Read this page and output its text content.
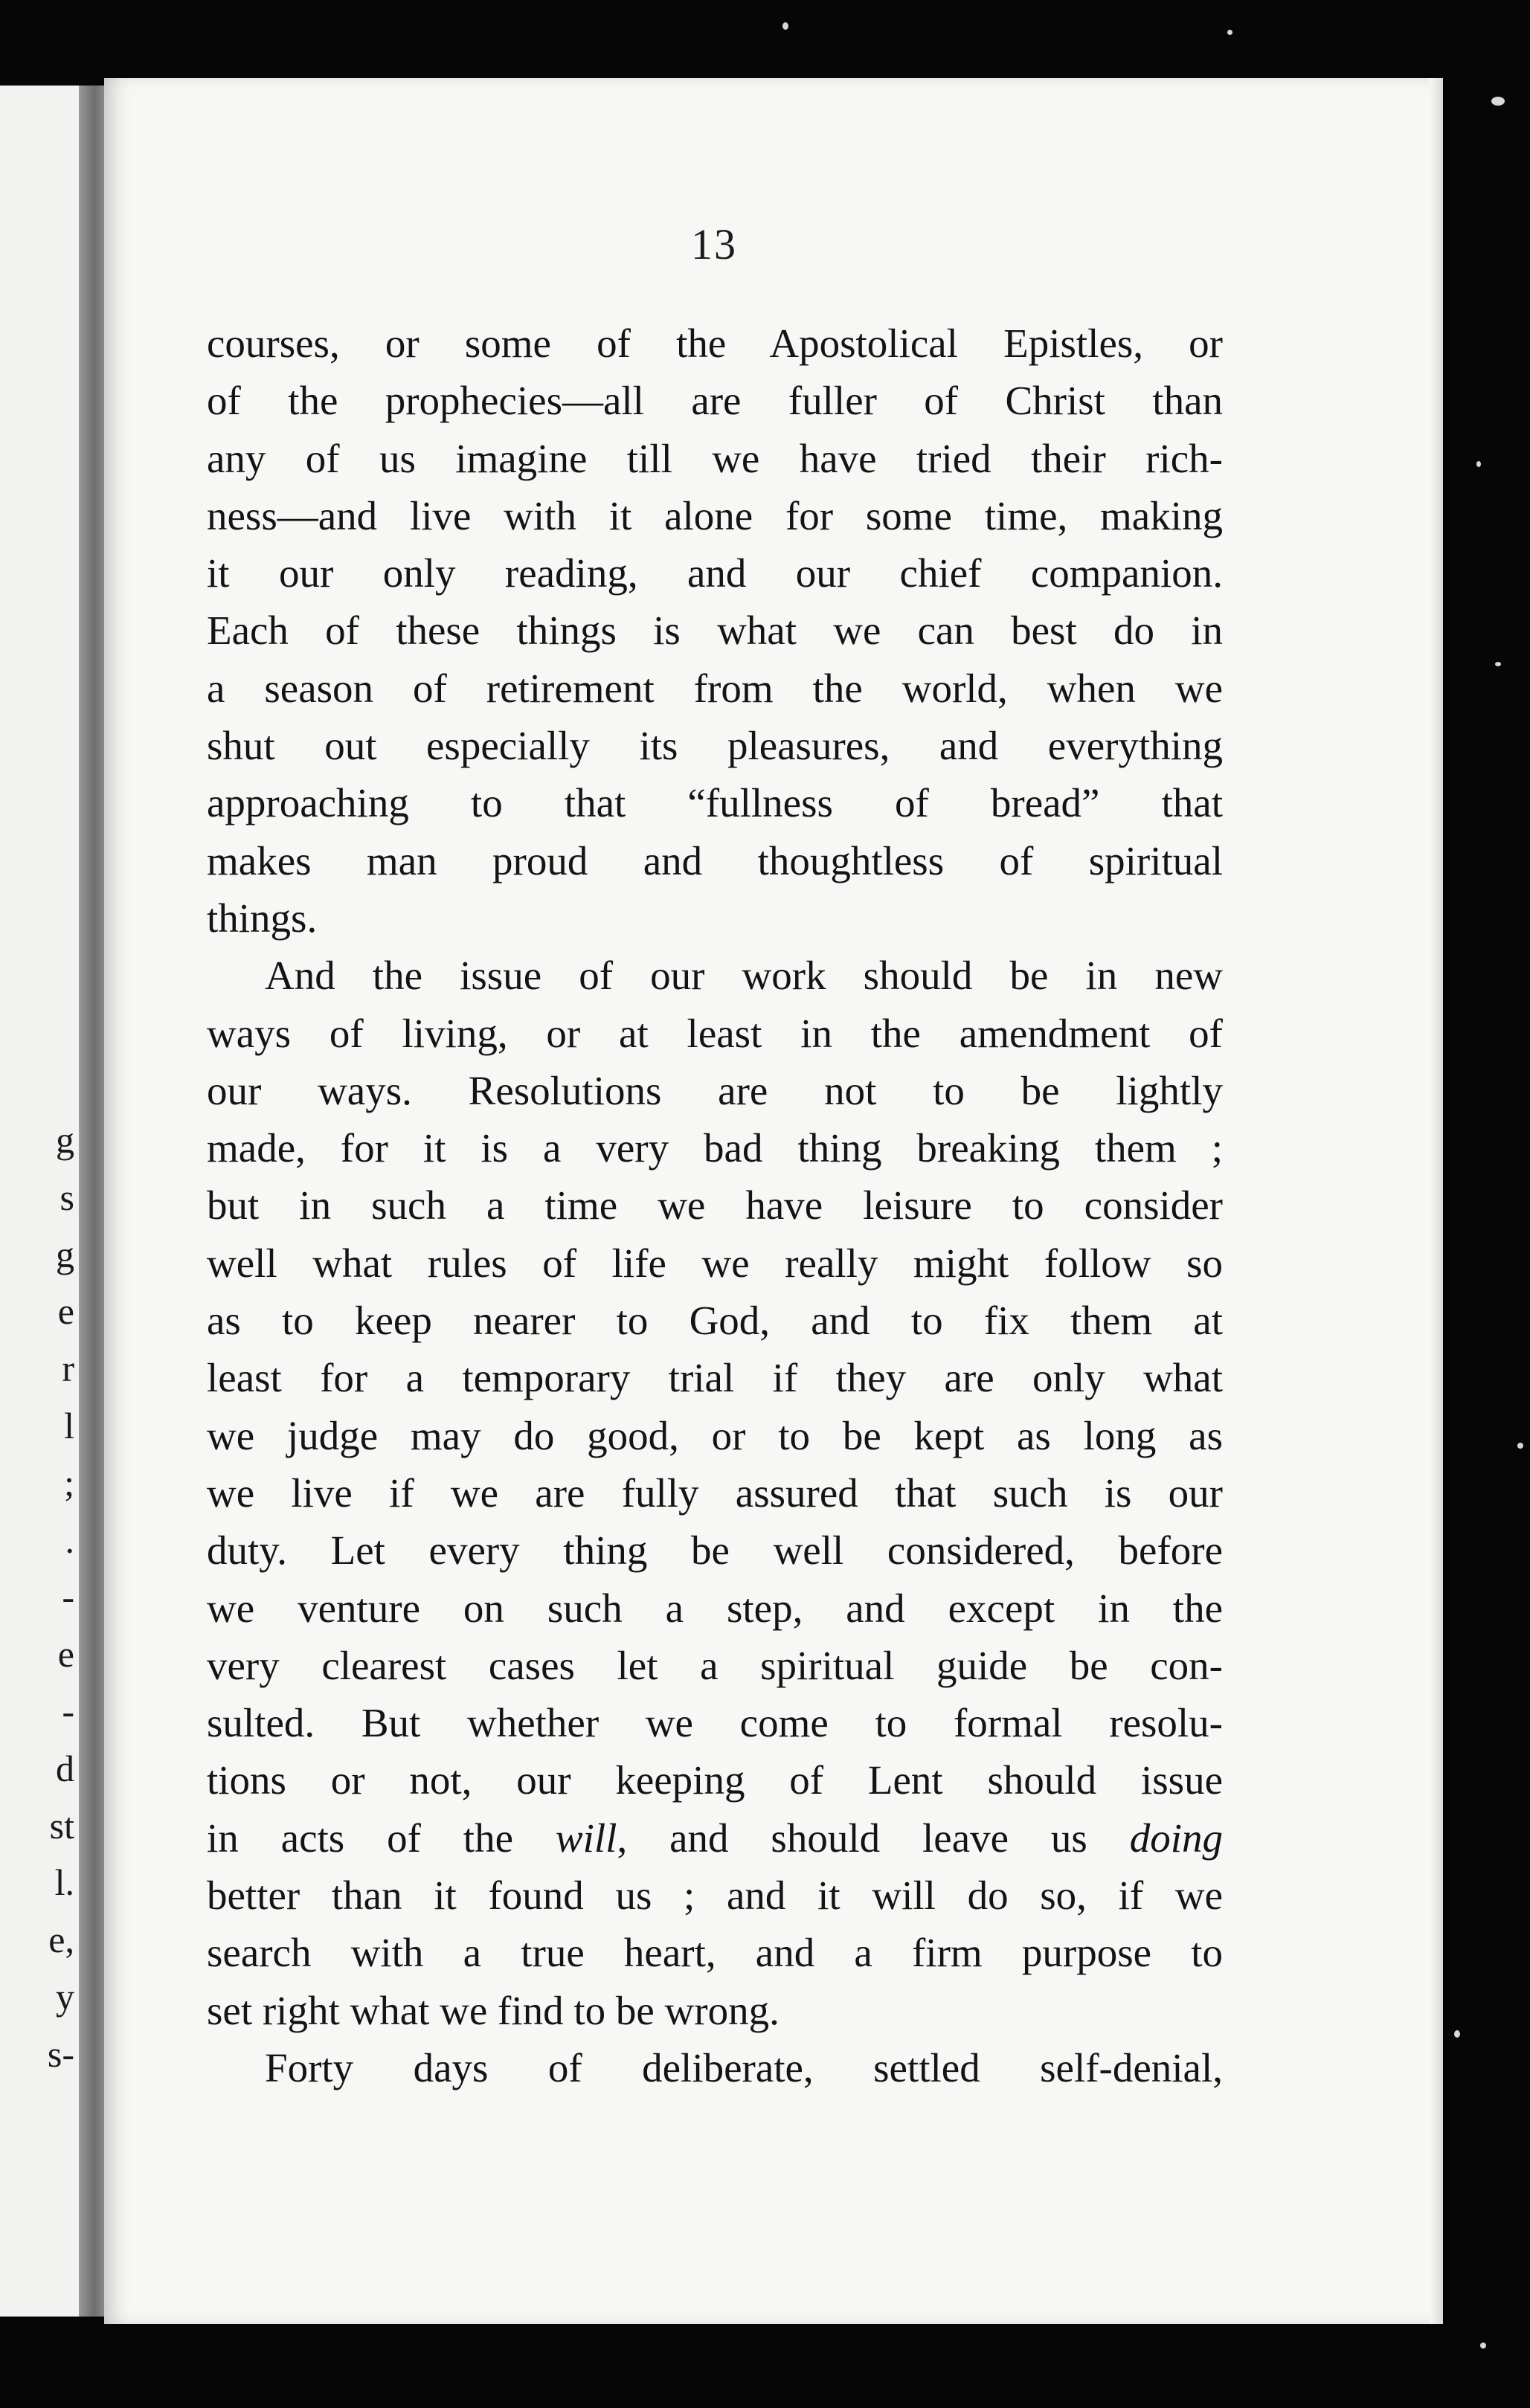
g
s
g
e
r
l
;
.
-
e
-
d
st
l.
e,
y
s-
13
courses, or some of the Apostolical Epistles, or
of the prophecies—all are fuller of Christ than
any of us imagine till we have tried their rich-
ness—and live with it alone for some time, making
it our only reading, and our chief companion.
Each of these things is what we can best do in
a season of retirement from the world, when we
shut out especially its pleasures, and everything
approaching to that “fullness of bread” that
makes man proud and thoughtless of spiritual
things.
And the issue of our work should be in new
ways of living, or at least in the amendment of
our ways. Resolutions are not to be lightly
made, for it is a very bad thing breaking them ;
but in such a time we have leisure to consider
well what rules of life we really might follow so
as to keep nearer to God, and to fix them at
least for a temporary trial if they are only what
we judge may do good, or to be kept as long as
we live if we are fully assured that such is our
duty. Let every thing be well considered, before
we venture on such a step, and except in the
very clearest cases let a spiritual guide be con-
sulted. But whether we come to formal resolu-
tions or not, our keeping of Lent should issue
in acts of the will, and should leave us doing
better than it found us ; and it will do so, if we
search with a true heart, and a firm purpose to
set right what we find to be wrong.
Forty days of deliberate, settled self-denial,
